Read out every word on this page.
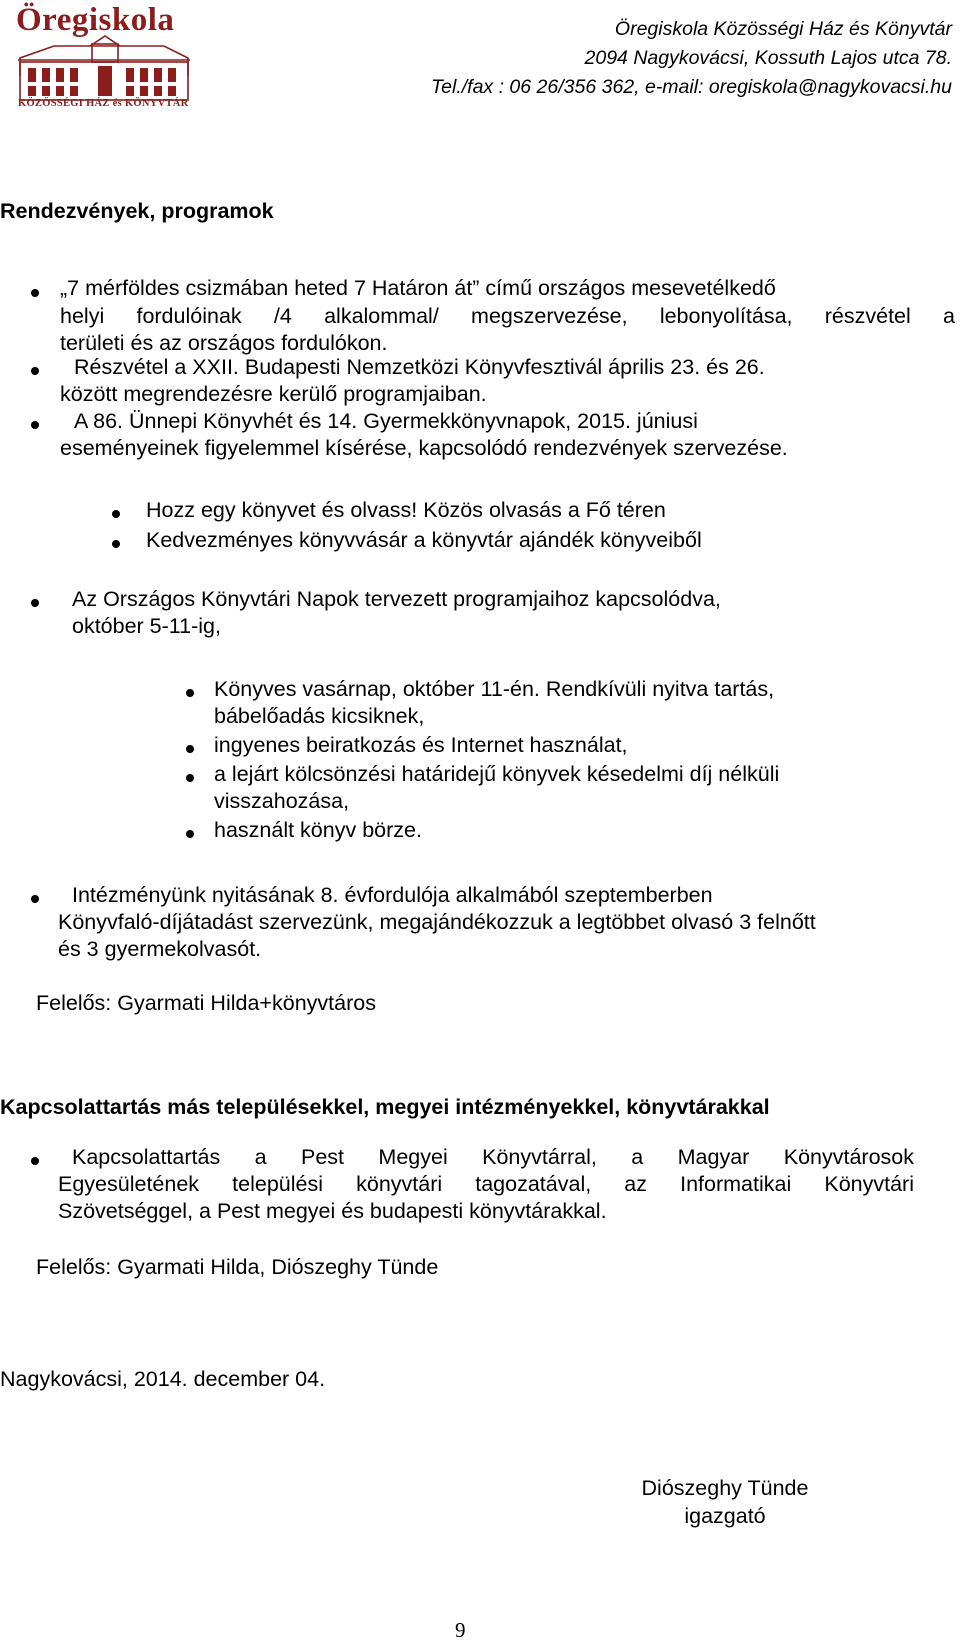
Öregiskola
KÖZÖSSÉGI HÁZ és KÖNYVTÁR
Öregiskola Közösségi Ház és Könyvtár
2094 Nagykovácsi, Kossuth Lajos utca 78.
Tel./fax : 06 26/356 362, e-mail: oregiskola@nagykovacsi.hu
Rendezvények, programok
„7 mérföldes csizmában heted 7 Határon át” című országos mesevetélkedő
helyi fordulóinak /4 alkalommal/ megszervezése, lebonyolítása, részvétel a
területi és az országos fordulókon.
Részvétel a XXII. Budapesti Nemzetközi Könyvfesztivál április 23. és 26.
között megrendezésre kerülő programjaiban.
A 86. Ünnepi Könyvhét és 14. Gyermekkönyvnapok, 2015. júniusi
eseményeinek figyelemmel kísérése, kapcsolódó rendezvények szervezése.
Hozz egy könyvet és olvass! Közös olvasás a Fő téren
Kedvezményes könyvvásár a könyvtár ajándék könyveiből
Az Országos Könyvtári Napok tervezett programjaihoz kapcsolódva,
október 5-11-ig,
Könyves vasárnap, október 11-én. Rendkívüli nyitva tartás,
bábelőadás kicsiknek,
ingyenes beiratkozás és Internet használat,
a lejárt kölcsönzési határidejű könyvek késedelmi díj nélküli
visszahozása,
használt könyv börze.
Intézményünk nyitásának 8. évfordulója alkalmából szeptemberben
Könyvfaló-díjátadást szervezünk, megajándékozzuk a legtöbbet olvasó 3 felnőtt
és 3 gyermekolvasót.
Felelős: Gyarmati Hilda+könyvtáros
Kapcsolattartás más településekkel, megyei intézményekkel, könyvtárakkal
Kapcsolattartás a Pest Megyei Könyvtárral, a Magyar Könyvtárosok
Egyesületének települési könyvtári tagozatával, az Informatikai Könyvtári
Szövetséggel, a Pest megyei és budapesti könyvtárakkal.
Felelős: Gyarmati Hilda, Diószeghy Tünde
Nagykovácsi, 2014. december 04.
Diószeghy Tünde
igazgató
9
